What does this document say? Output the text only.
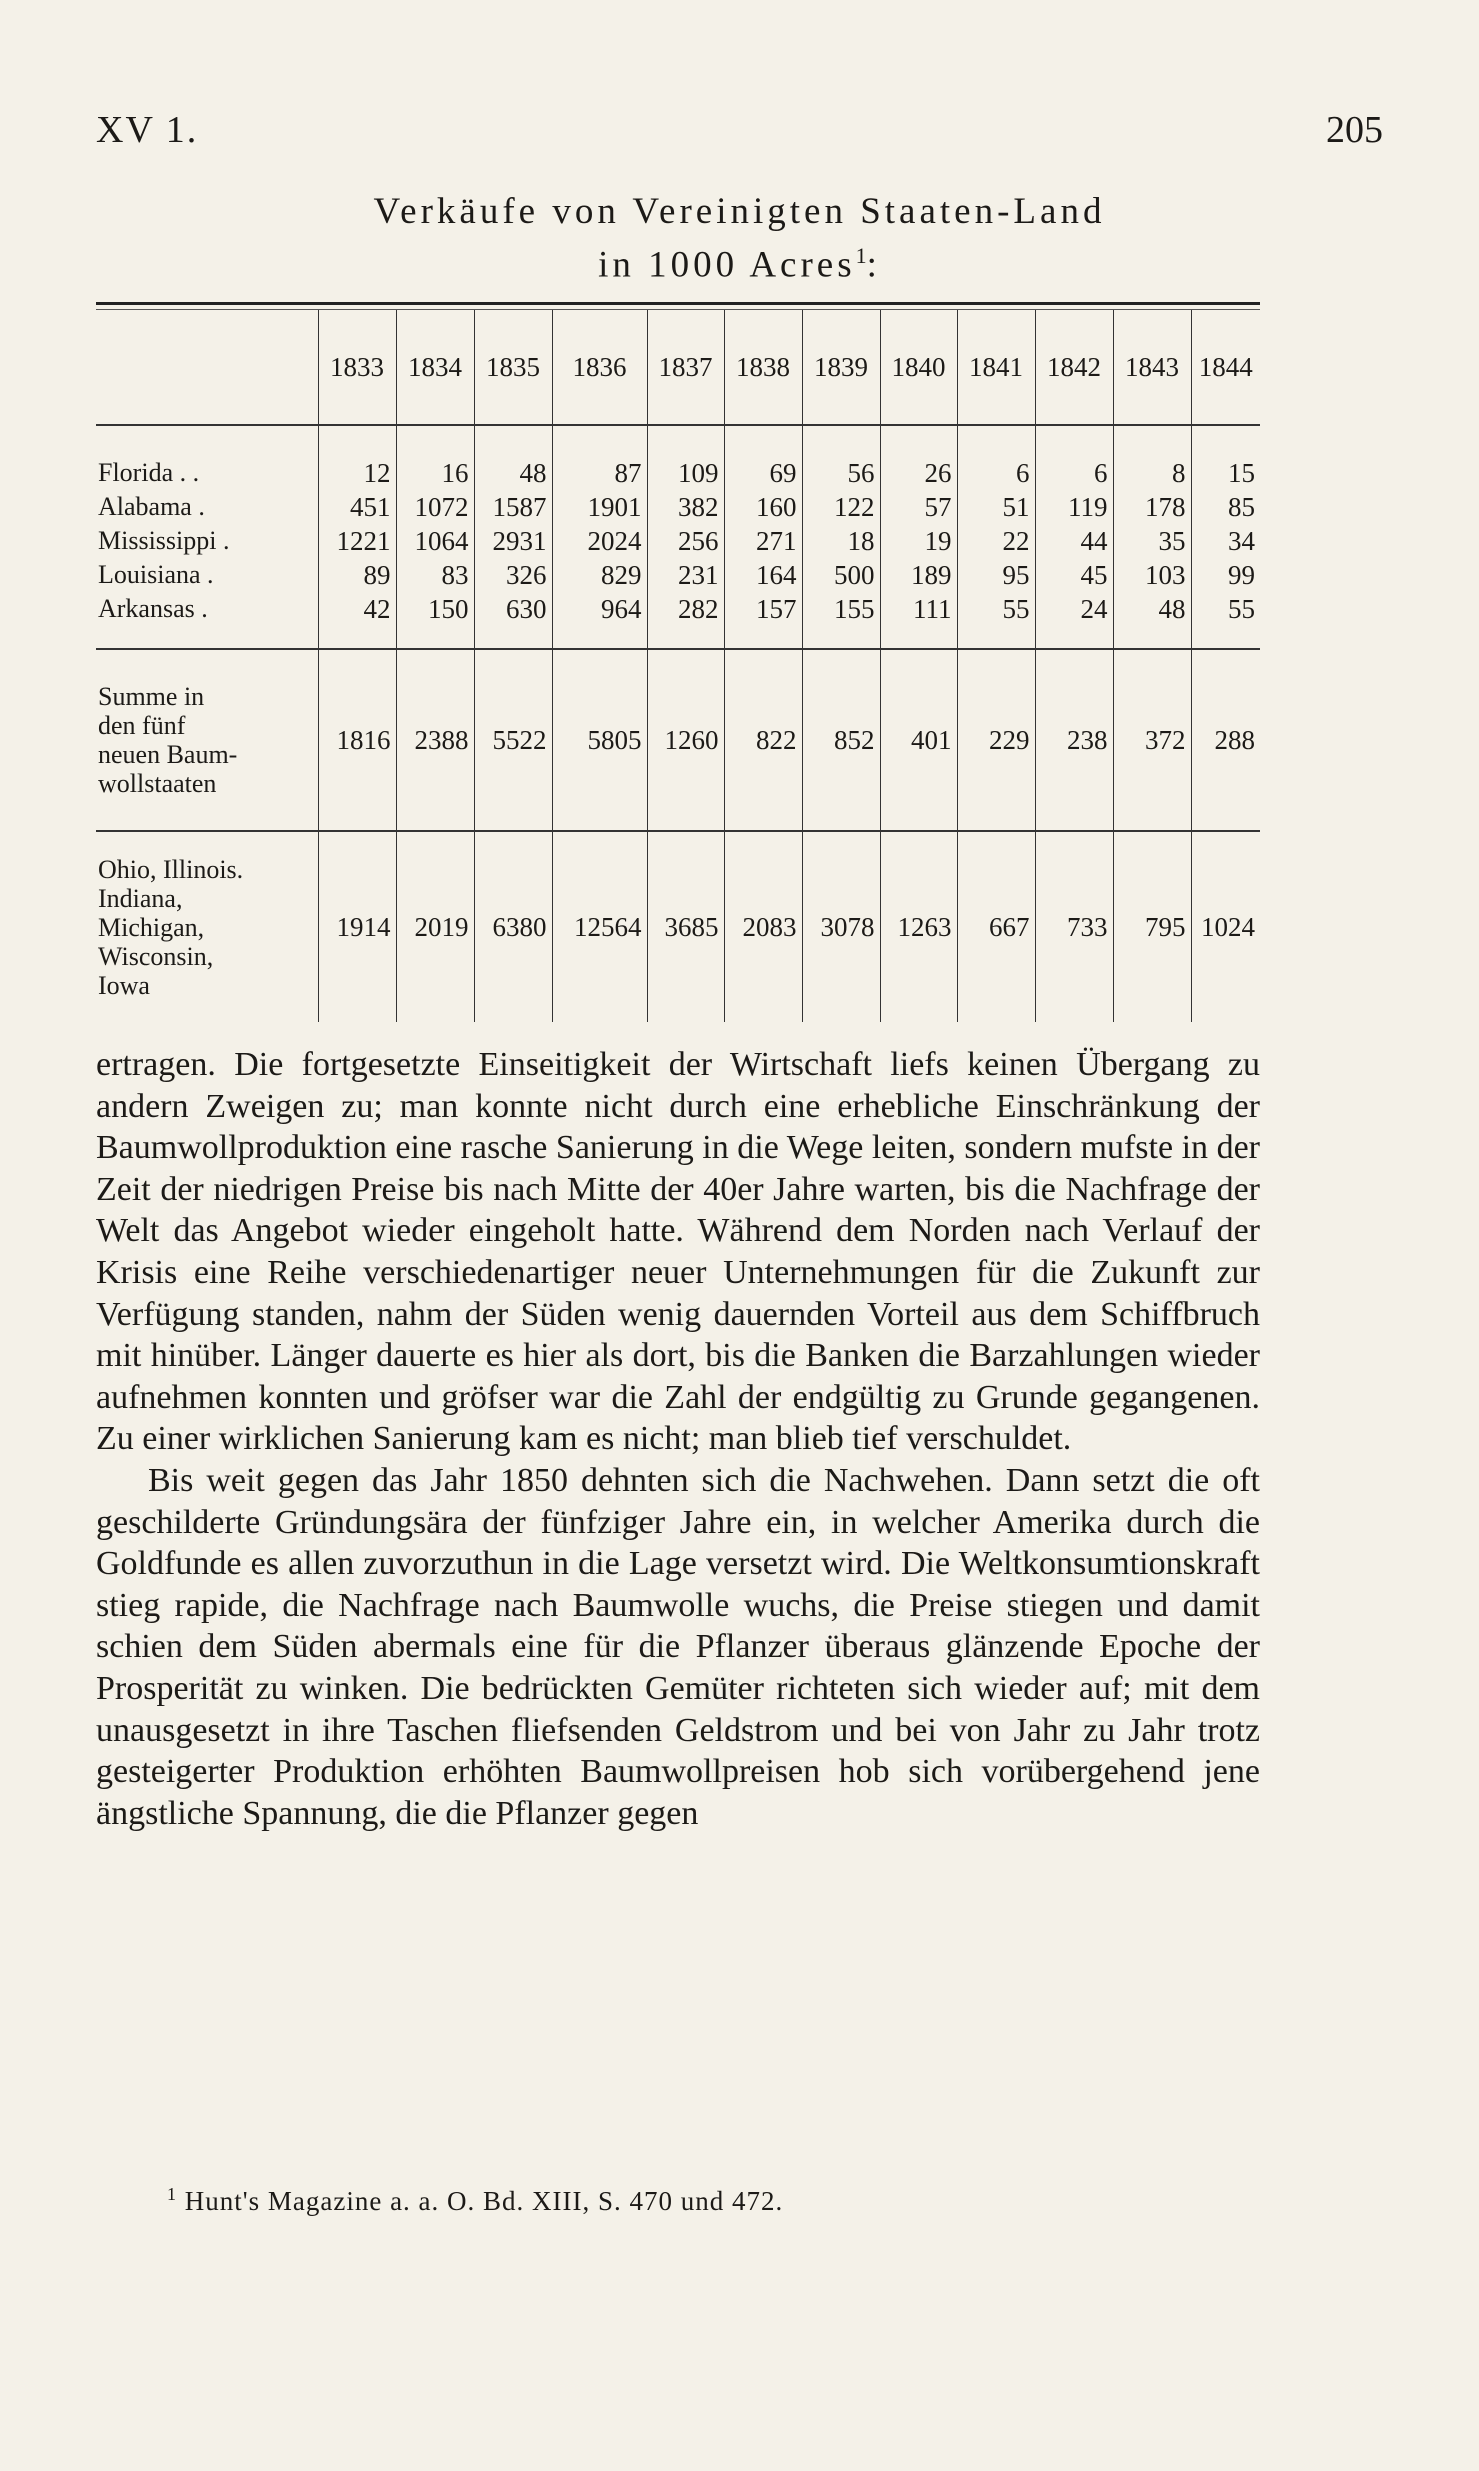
XV 1.	205
Verkäufe von Vereinigten Staaten-Land
in 1000 Acres$^1$:

	1833	1834	1835	1836	1837	1838	1839	1840	1841	1842	1843	1844
Florida . .	12	16	48	87	109	69	56	26	6	6	8	15
Alabama .	451	1072	1587	1901	382	160	122	57	51	119	178	85
Mississippi .	1221	1064	2931	2024	256	271	18	19	22	44	35	34
Louisiana .	89	83	326	829	231	164	500	189	95	45	103	99
Arkansas .	42	150	630	964	282	157	155	111	55	24	48	55
Summe in
den fünf
neuen Baum-
wollstaaten	1816	2388	5522	5805	1260	822	852	401	229	238	372	288
Ohio, Illinois.
Indiana,
Michigan,
Wisconsin,
Iowa	1914	2019	6380	12564	3685	2083	3078	1263	667	733	795	1024

ertragen. Die fortgesetzte Einseitigkeit der Wirtschaft liefs keinen Übergang zu andern Zweigen zu; man konnte nicht durch eine erhebliche Einschränkung der Baumwollproduktion eine rasche Sanierung in die Wege leiten, sondern mufste in der Zeit der niedrigen Preise bis nach Mitte der 40er Jahre warten, bis die Nachfrage der Welt das Angebot wieder eingeholt hatte. Während dem Norden nach Verlauf der Krisis eine Reihe verschiedenartiger neuer Unternehmungen für die Zukunft zur Verfügung standen, nahm der Süden wenig dauernden Vorteil aus dem Schiffbruch mit hinüber. Länger dauerte es hier als dort, bis die Banken die Barzahlungen wieder aufnehmen konnten und gröfser war die Zahl der endgültig zu Grunde gegangenen. Zu einer wirklichen Sanierung kam es nicht; man blieb tief verschuldet.

Bis weit gegen das Jahr 1850 dehnten sich die Nachwehen. Dann setzt die oft geschilderte Gründungsära der fünfziger Jahre ein, in welcher Amerika durch die Goldfunde es allen zuvorzuthun in die Lage versetzt wird. Die Weltkonsumtionskraft stieg rapide, die Nachfrage nach Baumwolle wuchs, die Preise stiegen und damit schien dem Süden abermals eine für die Pflanzer überaus glänzende Epoche der Prosperität zu winken. Die bedrückten Gemüter richteten sich wieder auf; mit dem unausgesetzt in ihre Taschen fliefsenden Geldstrom und bei von Jahr zu Jahr trotz gesteigerter Produktion erhöhten Baumwollpreisen hob sich vorübergehend jene ängstliche Spannung, die die Pflanzer gegen

$^1$ Hunt's Magazine a. a. O. Bd. XIII, S. 470 und 472.
